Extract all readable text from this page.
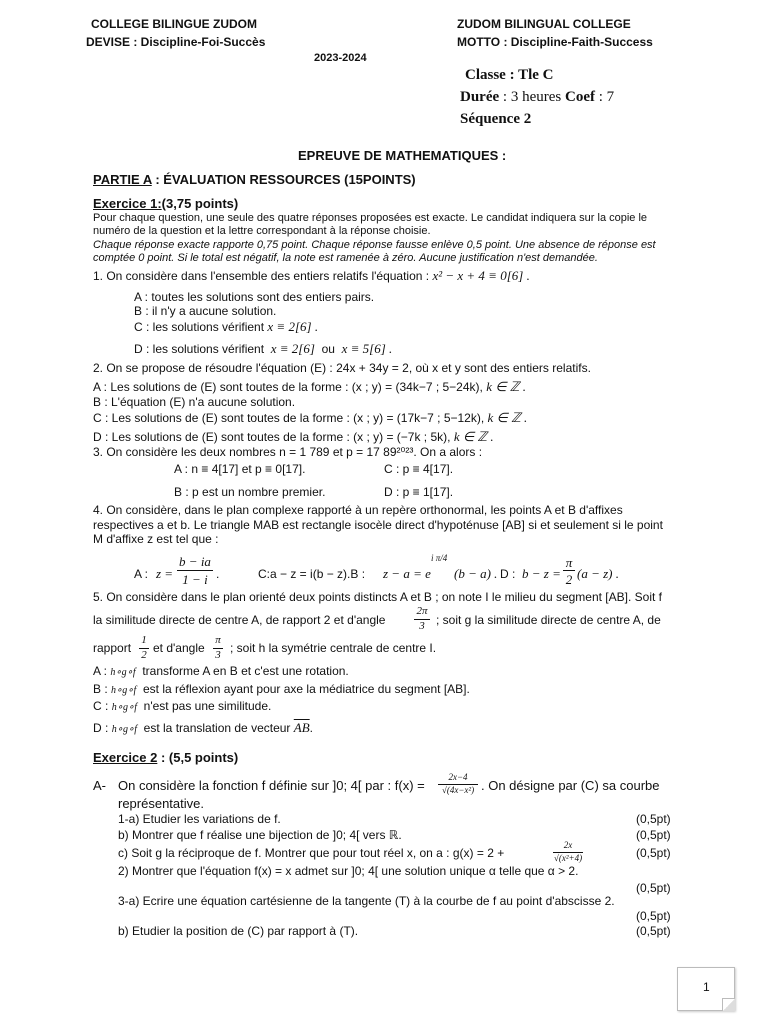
COLLEGE BILINGUE ZUDOM
DEVISE : Discipline-Foi-Succès
ZUDOM BILINGUAL COLLEGE
MOTTO : Discipline-Faith-Success
2023-2024
Classe : Tle C
Durée : 3 heures Coef : 7
Séquence 2
EPREUVE DE MATHEMATIQUES :
PARTIE A : ÉVALUATION RESSOURCES (15POINTS)
Exercice 1:(3,75 points)
Pour chaque question, une seule des quatre réponses proposées est exacte. Le candidat indiquera sur la copie le
numéro de la question et la lettre correspondant à la réponse choisie.
Chaque réponse exacte rapporte 0,75 point. Chaque réponse fausse enlève 0,5 point. Une absence de réponse est
comptée 0 point. Si le total est négatif, la note est ramenée à zéro. Aucune justification n'est demandée.
1. On considère dans l'ensemble des entiers relatifs l'équation : x² − x + 4 ≡ 0[6] .
A : toutes les solutions sont des entiers pairs.
B : il n'y a aucune solution.
C : les solutions vérifient x ≡ 2[6] .
D : les solutions vérifient x ≡ 2[6] ou x ≡ 5[6] .
2. On se propose de résoudre l'équation (E) : 24x + 34y = 2, où x et y sont des entiers relatifs.
A : Les solutions de (E) sont toutes de la forme : (x ; y) = (34k−7 ; 5−24k), k ∈ ℤ .
B : L'équation (E) n'a aucune solution.
C : Les solutions de (E) sont toutes de la forme : (x ; y) = (17k−7 ; 5−12k), k ∈ ℤ .
D : Les solutions de (E) sont toutes de la forme : (x ; y) = (−7k ; 5k), k ∈ ℤ .
3. On considère les deux nombres n = 1 789 et p = 17 89²⁰²³. On a alors :
A : n ≡ 4[17] et p ≡ 0[17].	C : p ≡ 4[17].
B : p est un nombre premier.	D : p ≡ 1[17].
4. On considère, dans le plan complexe rapporté à un repère orthonormal, les points A et B d'affixes
respectives a et b. Le triangle MAB est rectangle isocèle direct d'hypoténuse [AB] si et seulement si le point
M d'affixe z est tel que :
A : z =
b − ia
1 − i .	C:a − z = i(b − z).B : z − a = e
i π/4
(b − a) . D : b − z =
π
2 (a − z) .
5. On considère dans le plan orienté deux points distincts A et B ; on note I le milieu du segment [AB]. Soit f
la similitude directe de centre A, de rapport 2 et d'angle
2π
3 ; soit g la similitude directe de centre A, de
rapport
1
2 et d'angle
π
3 ; soit h la symétrie centrale de centre I.
A : h∘g∘f transforme A en B et c'est une rotation.
B : h∘g∘f est la réflexion ayant pour axe la médiatrice du segment [AB].
C : h∘g∘f n'est pas une similitude.
D : h∘g∘f est la translation de vecteur $\overline{AB}$.
Exercice 2 : (5,5 points)
A- On considère la fonction f définie sur ]0; 4[ par : f(x) =
2x−4
√(4x−x²) . On désigne par (C) sa courbe
représentative.
1-a) Etudier les variations de f.	(0,5pt)
b) Montrer que f réalise une bijection de ]0; 4[ vers ℝ.	(0,5pt)
c) Soit g la réciproque de f. Montrer que pour tout réel x, on a : g(x) = 2 +
2x
√(x²+4)	(0,5pt)
2) Montrer que l'équation f(x) = x admet sur ]0; 4[ une solution unique α telle que α > 2.
(0,5pt)
3-a) Ecrire une équation cartésienne de la tangente (T) à la courbe de f au point d'abscisse 2.
(0,5pt)
b) Etudier la position de (C) par rapport à (T).	(0,5pt)
1
